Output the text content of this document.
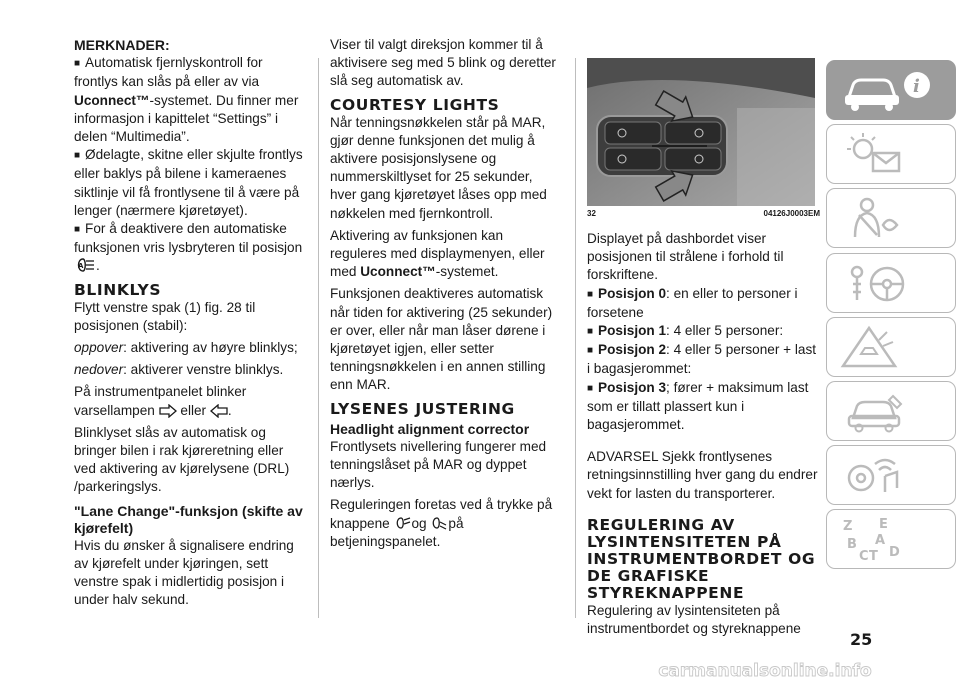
MERKNADER:

■ Automatisk fjernlyskontroll for frontlys kan slås på eller av via Uconnect™-systemet. Du finner mer informasjon i kapittelet “Settings” i delen “Multimedia”.

■ Ødelagte, skitne eller skjulte frontlys eller baklys på bilene i kameraenes siktlinje vil få frontlysene til å være på lenger (nærmere kjøretøyet).

■ For å deaktivere den automatiske funksjonen vris lysbryteren til posisjon

A .

BLINKLYS

Flytt venstre spak (1) fig. 28 til posisjonen (stabil):

oppover: aktivering av høyre blinklys;

nedover: aktiverer venstre blinklys.

På instrumentpanelet blinker varsellampen  eller .

Blinklyset slås av automatisk og bringer bilen i rak kjøreretning eller ved aktivering av kjørelysene (DRL) /parkeringslys.

"Lane Change"-funksjon (skifte av kjørefelt)

Hvis du ønsker å signalisere endring av kjørefelt under kjøringen, sett venstre spak i midlertidig posisjon i under halv sekund.

Viser til valgt direksjon kommer til å aktivisere seg med 5 blink og deretter slå seg automatisk av.

COURTESY LIGHTS

Når tenningsnøkkelen står på MAR, gjør denne funksjonen det mulig å aktivere posisjonslysene og nummerskiltlyset for 25 sekunder, hver gang kjøretøyet låses opp med nøkkelen med fjernkontroll.

Aktivering av funksjonen kan reguleres med displaymenyen, eller med Uconnect™-systemet.

Funksjonen deaktiveres automatisk når tiden for aktivering (25 sekunder) er over, eller når man låser dørene i kjøretøyet igjen, eller setter tenningsnøkkelen i en annen stilling enn MAR.

LYSENES JUSTERING

Headlight alignment corrector

Frontlysets nivellering fungerer med tenningslåset på MAR og dyppet nærlys.

Reguleringen foretas ved å trykke på knappene og på betjeningspanelet.

32	04126J0003EM

Displayet på dashbordet viser posisjonen til strålene i forhold til forskriftene.

■ Posisjon 0: en eller to personer i forsetene

■ Posisjon 1: 4 eller 5 personer:

■ Posisjon 2: 4 eller 5 personer + last i bagasjerommet:

■ Posisjon 3; fører + maksimum last som er tillatt plassert kun i bagasjerommet.

ADVARSEL Sjekk frontlysenes retningsinnstilling hver gang du endrer vekt for lasten du transporterer.

REGULERING AV LYSINTENSITETEN PÅ INSTRUMENTBORDET OG DE GRAFISKE STYREKNAPPENE

Regulering av lysintensiteten på instrumentbordet og styreknappene

i
Z E
B A
C T D
25
carmanualsonline.info
